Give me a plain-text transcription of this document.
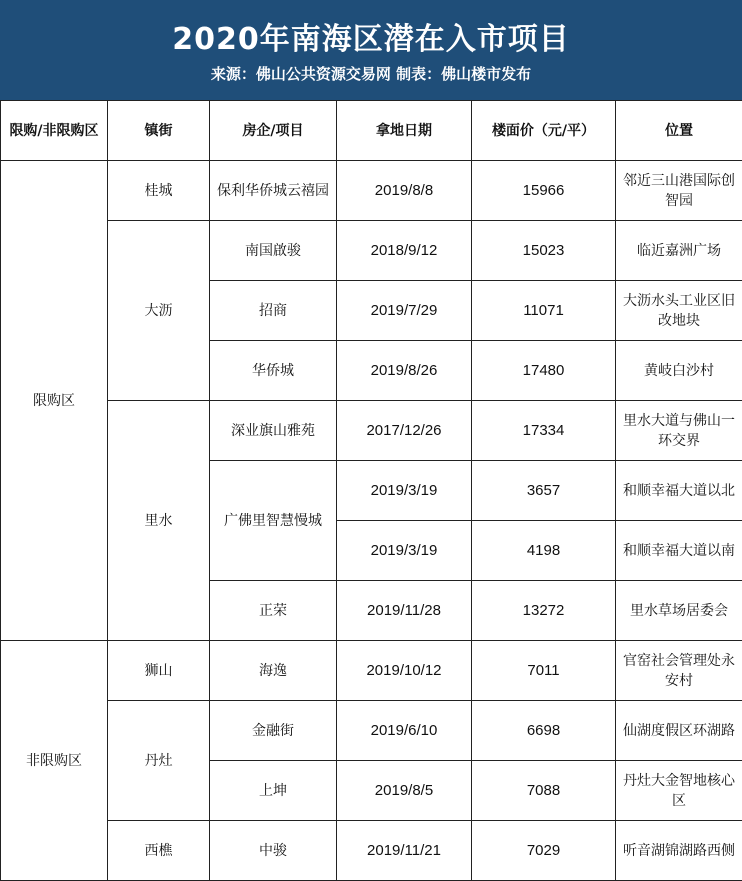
2020年南海区潜在入市项目
来源：佛山公共资源交易网 制表：佛山楼市发布
限购/非限购区	镇街	房企/项目	拿地日期	楼面价（元/平）	位置
限购区	桂城	保利华侨城云禧园	2019/8/8	15966	邻近三山港国际创智园
	大沥	南国啟骏	2018/9/12	15023	临近嘉洲广场
		招商	2019/7/29	11071	大沥水头工业区旧改地块
		华侨城	2019/8/26	17480	黄岐白沙村
	里水	深业旗山雅苑	2017/12/26	17334	里水大道与佛山一环交界
		广佛里智慧慢城	2019/3/19	3657	和顺幸福大道以北
			2019/3/19	4198	和顺幸福大道以南
		正荣	2019/11/28	13272	里水草场居委会
非限购区	狮山	海逸	2019/10/12	7011	官窑社会管理处永安村
	丹灶	金融街	2019/6/10	6698	仙湖度假区环湖路
		上坤	2019/8/5	7088	丹灶大金智地核心区
	西樵	中骏	2019/11/21	7029	听音湖锦湖路西侧
